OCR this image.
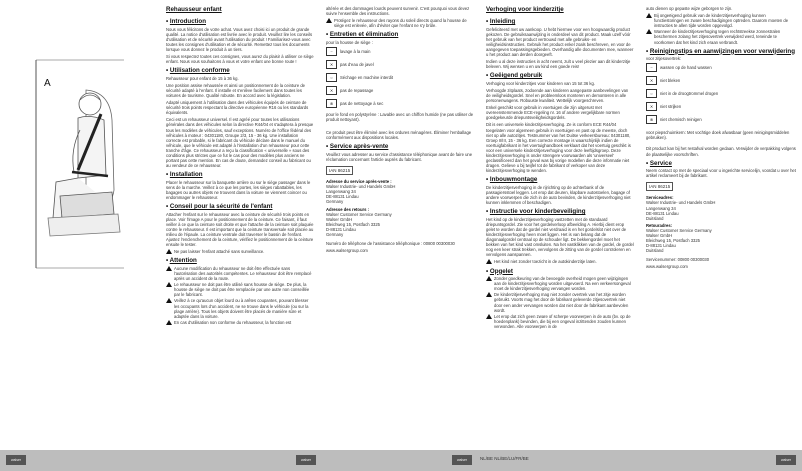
A
Rehausseur enfant
• Introduction

Nous vous félicitons de votre achat. Vous avez choisi ici un produit de grande qualité. La notice d'utilisation est livrée avec le produit. Veuillez lire les conseils d'utilisation et de sécurité avant l'utilisation du produit ! Familiarisez-vous avec toutes les consignes d'utilisation et de sécurité. Remettez tous les documents lorsque vous donnez le produit à un tiers.

Si vous respectez toutes ces consignes, vous aurez du plaisir à utiliser ce siège enfant. Nous vous souhaitons à vous et votre enfant une bonne route !

• Utilisation conforme

Rehausseur pour enfant de 15 à 36 kg.

Une position assise rehaussée et ainsi un positionnement de la ceinture de sécurité adapté à l'enfant. Il installe et s'enlève facilement dans toutes les voitures de tourisme. Qualité robuste. En accord avec la législation.

Adapté uniquement à l'utilisation dans des véhicules équipés de ceinture de sécurité trois points respectant la directive européenne R16 ou les standards équivalents.

Ceci est un rehausseur universel. Il est agréé pour toutes les utilisations générales dans des véhicules selon la directive R44/04 et s'adaptera à presque tous les modèles de véhicules, sauf exceptions. Numéro de l'office fédéral des véhicules à moteur : 04301180, Groupe 2/3, 15 - 36 kg. Une installation correcte est probable, si le fabricant du véhicule déclare dans le manuel du véhicule, que le véhicule est adapté à l'installation d'un rehausseur pour cette tranche d'âge. Ce rehausseur a reçu la classification « universelle » sous des conditions plus strictes que ce fut le cas pour des modèles plus anciens ne portant pas cette mention. En cas de doute, demandez conseil au fabricant ou au vendeur de ce rehausseur.

• Installation

Placer le rehausseur sur la banquette arrière ou sur le siège passager dans le sens de la marche. Veillez à ce que les portes, les sièges rabattables, les bagages ou autres objets ne trouvent dans la voiture ne viennent coincer ou endommager le rehausseur.

• Conseil pour la sécurité de l'enfant

Attacher l'enfant sur le rehausseur avec la ceinture de sécurité trois points en place. Voir l'image A pour le positionnement de la ceinture. Ce faisant, il faut veiller à ce que la ceinture soit droite et que l'attache de la ceinture soit plaquée contre le rehausseur. Il est important que la ceinture transversale soit placée au milieu de l'épaule. La ceinture ventrale doit traverser le bassin de l'enfant. Ajustez l'enclenchement de la ceinture, vérifiez le positionnement de la ceinture ensuite le tester.

Ne pas laisser l'enfant attaché sans surveillance.
• Attention
Aucune modification du rehausseur ne doit être effectuée sans l'autorisation des autorités compétentes. Le rehausseur doit être remplacé après un accident de la route.
Le rehausseur ne doit pas être utilisé sans housse de siège. De plus, la housse de siège ne doit pas être remplacée par une autre non conseillée par le fabricant.
Veillez à ce qu'aucun objet lourd ou à arêtes coupantes, pouvant blesser les occupants lors d'un accident, ne se trouve dans le véhicule (ou sur la plage arrière). Tous les objets doivent être placés de manière sûre et adaptée dans la voiture.
En cas d'utilisation non conforme du rehausseur, la fonction est

altérée et des dommages lourds peuvent survenir. C'est pourquoi vous devez suivre l'ensemble des instructions.

Protégez le rehausseur des rayons du soleil directs quand la housse de siège est enlevée, afin d'éviter que l'enfant ne s'y brûle.
• Entretien et élimination

pour la housse de siège :

~	lavage à la main
✕	pas d'eau de javel
○	Séchage en machine interdit
✕	pas de repassage
⊗	pas de nettoyage à sec

pour le fond en polystyrène : Lavable avec un chiffon humide (ne pas utiliser de produit nettoyant).

Ce produit peut être éliminé avec les ordures ménagères. Éliminer l'emballage conformément aux dispositions locales.

• Service après-vente

Veuillez vous adresser au service d'assistance téléphonique avant de faire une réclamation concernant l'article auprès du fabricant.

IAN 86215
Adresse du service après-vente :
Walser Industrie- und Handels GmbH
Langenwang 34
DE-88131 Lindau
Germany
Adresse des retours :
Walser Customer Service Germany
Walser GmbH
Bleichweg 15, Postfach 3325
D-88131 Lindau
Germany

Numéro de téléphone de l'assistance téléphonique : 00800 00300030

www.walsergroup.com

Verhoging voor kinderzitje
• Inleiding

Gefeliciteerd met uw aankoop. U hebt hiermee voor een hoogwaardig product gekozen. De gebruiksaanwijzing is onderdeel van dit product. Maak uzelf vóór het gebruik van het product vertrouwd met alle gebruiks- en veiligheidsinstructies. Gebruik het product enkel zoals beschreven, en voor de aangegeven toepassingsgebieden. Overhandig alle documenten mee, wanneer u het product aan derden doorgeeft.

Indien u al deze instructies in acht neemt, zult u veel plezier aan dit kinderzitje beleven. Wij wensen u en uw kind een goede reis!

• Geëigend gebruik

Verhoging voor kinderzitjes voor kinderen van 15 tot 36 kg.

Verhoogde zitplaats, zodoende aan kinderen aangepaste aanbevelingen van de veiligheidsgordel. Snel en probleemloos monteren en demonteren in alle personenwagens. Robuuste kwaliteit. Wettelijk voorgeschreven.

Enkel geschikt voor gebruik in voertuigen die zijn uitgerust met overeenstemmende ECE-regeling nr. 16 of andere vergelijkbare normen goedgekeurde driepuntsveiligheidsgordels.

Dit is een universele kinderzitjesverhoging. Ze is conform ECE R44/04 toegelaten voor algemeen gebruik in voertuigen en past op de meeste, doch niet op alle autozitjes. Testnummer van het Duitse verkeersbureau: 04301180, Groep II/III, 15 - 36 kg. Een correcte montage is waarschijnlijk indien de voertuigfabrikant in het voertuighandboek verklaart dat het voertuig geschikt is voor een universele kinderzitjesverhoging voor deze leeftijdsgroep. Deze kinderzitjesverhoging is onder strengere voorwaarden als 'universeel' geclassificeerd dan het geval was bij vorige modellen die deze informatie niet dragen. Gelieve u bij twijfel tot de fabrikant of verkoper van deze kinderzitjesverhoging te wenden.

• Inbouwmontage

De kinderzitjesverhoging in de rijrichting op de achterbank of de passagiersstoel leggen. Let erop dat deuren, klapbare autostoelen, bagage of andere voorwerpen die zich in de auto bevinden, de kinderzitjesverhoging niet kunnen inklemmen of beschadigen.

• Instructie voor kinderbeveiliging

Het kind op de kinderzitjesverhoging vastzetten met de standaard driepuntsgordel. Zie voor het gordelverloop afbeelding A. Hierbij dient erop gelet te worden dat de gordel niet verdraaid is en het gordelslot niet over de kinderzitjesverhoging heen moet liggen. Het is van belang dat de diagonaalgordel centraal op de schouder ligt. De bekkengordel moet het bekken van het kind vast omsluiten. Na het vastklikken van de gordel, de gordel nog een keer strak trekken, vervolgens de zitting van de gordel controleren en vervolgens aanspannen.

Het kind niet zonder toezicht in de autokinderzitje laten.
• Opgelet
Zonder goedkeuring van de bevoegde overheid mogen geen wijzigingen aan de kinderzitjesverhoging worden uitgevoerd. Na een verkeersongeval moet de kinderzitjesverhoging vervangen worden.
De kinderzitjesverhoging mag niet zonder overtrek van het zitje worden gebruikt. Voorts mag het door de fabrikant geleverde zitjesovertrek niet door een ander vervangen worden dat niet door de fabrikant aanbevolen wordt.
Let erop dat zich geen zware of scherpe voorwerpen in de auto (bv. op de hoedenplank) bevinden, die bij een ongeval inzittenden zouden kunnen verwonden. Alle voorwerpen in de

auto dienen op gepaste wijze geborgen te zijn.

Bij ongeëigend gebruik van de kinderzitjesverhoging kunnen functiestoringen en zware beschadigingen optreden. Daarom moeten de instructies te allen tijde worden opgevolgd.
Wanneer de kinderzitjesverhoging tegen rechtstreekse zonnestralen beschermen zolang het zitjesovertrek verwijderd werd, teneinde te voorkomen dat het kind zich eraan verbrandt.
• Reinigingstips en aanwijzingen voor verwijdering

voor zitjesovertrek:

~	wassen op de hand wassen
✕	niet bleken
○	niet in de droogtrommel drogen
✕	niet strijken
⊗	niet chemisch reinigen

voor piepschuimkern: Met vochtige doek afwasbaar (geen reinigingsmiddelen gebruiken).

Dit product kan bij het restafval worden gedaan. Verwijder de verpakking volgens de plaatselijke voorschriften.

• Service

Neem contact op met de speciaal voor u ingerichte servicelijn, voordat u over het artikel reclameert bij de fabrikant.

IAN 86215
Serviceadres:
Walser Industrie- und Handels GmbH
Langenwang 34
DE-88131 Lindau
Duitsland
Retouradres:
Walser Customer Service Germany
Walser GmbH
Bleichweg 15, Postfach 3325
D-88131 Lindau
Duitsland

Servicenummer: 00800 00300030

www.walsergroup.com

walser	walser	walser	walser
NL/BE NL/BE/LU/FR/BE
